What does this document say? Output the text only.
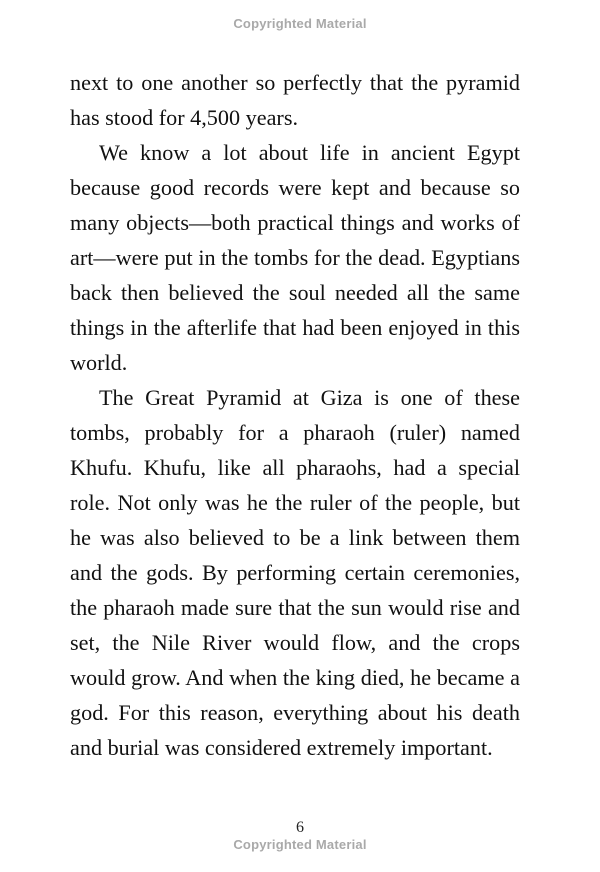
Copyrighted Material

next to one another so perfectly that the pyramid has stood for 4,500 years.

We know a lot about life in ancient Egypt because good records were kept and because so many objects—both practical things and works of art—were put in the tombs for the dead. Egyptians back then believed the soul needed all the same things in the afterlife that had been enjoyed in this world.

The Great Pyramid at Giza is one of these tombs, probably for a pharaoh (ruler) named Khufu. Khufu, like all pharaohs, had a special role. Not only was he the ruler of the people, but he was also believed to be a link between them and the gods. By performing certain ceremonies, the pharaoh made sure that the sun would rise and set, the Nile River would flow, and the crops would grow. And when the king died, he became a god. For this reason, everything about his death and burial was considered extremely important.

6
Copyrighted Material
